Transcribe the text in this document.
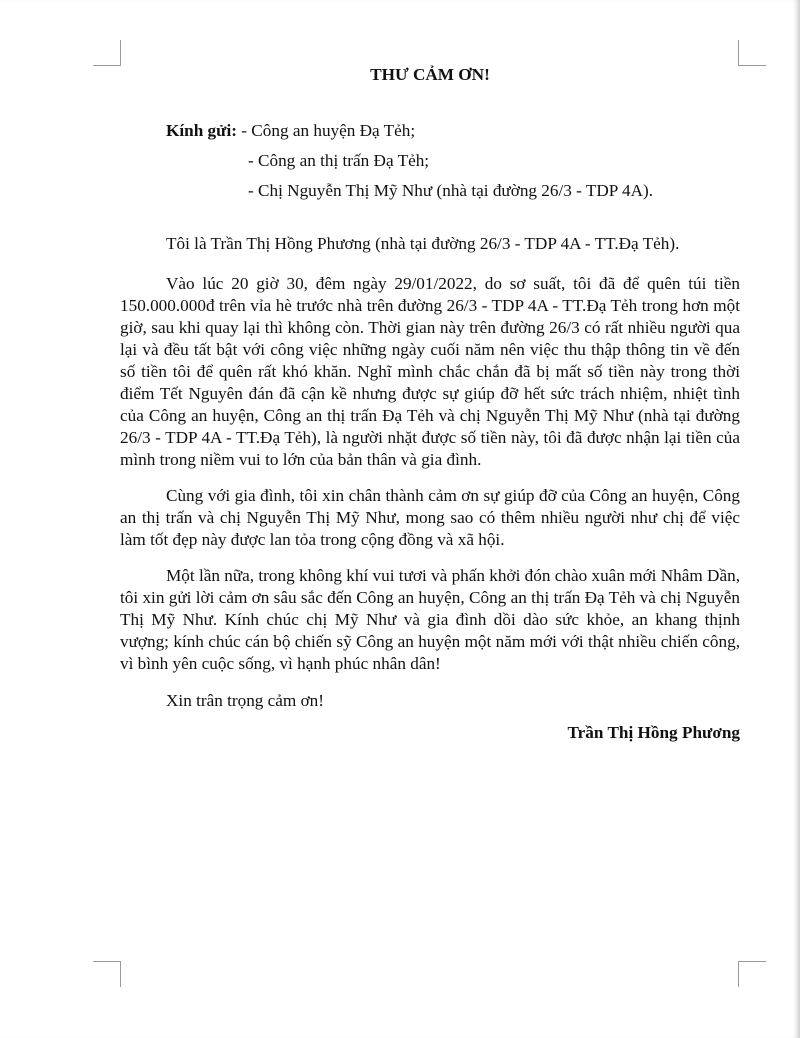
THƯ CẢM ƠN!
Kính gửi: - Công an huyện Đạ Tẻh;
- Công an thị trấn Đạ Tẻh;
- Chị Nguyễn Thị Mỹ Như (nhà tại đường 26/3 - TDP 4A).
Tôi là Trần Thị Hồng Phương (nhà tại đường 26/3 - TDP 4A - TT.Đạ Tẻh).

Vào lúc 20 giờ 30, đêm ngày 29/01/2022, do sơ suất, tôi đã để quên túi tiền 150.000.000đ trên vỉa hè trước nhà trên đường 26/3 - TDP 4A - TT.Đạ Tẻh trong hơn một giờ, sau khi quay lại thì không còn. Thời gian này trên đường 26/3 có rất nhiều người qua lại và đều tất bật với công việc những ngày cuối năm nên việc thu thập thông tin về đến số tiền tôi để quên rất khó khăn. Nghĩ mình chắc chắn đã bị mất số tiền này trong thời điểm Tết Nguyên đán đã cận kề nhưng được sự giúp đỡ hết sức trách nhiệm, nhiệt tình của Công an huyện, Công an thị trấn Đạ Tẻh và chị Nguyễn Thị Mỹ Như (nhà tại đường 26/3 - TDP 4A - TT.Đạ Tẻh), là người nhặt được số tiền này, tôi đã được nhận lại tiền của mình trong niềm vui to lớn của bản thân và gia đình.

Cùng với gia đình, tôi xin chân thành cảm ơn sự giúp đỡ của Công an huyện, Công an thị trấn và chị Nguyễn Thị Mỹ Như, mong sao có thêm nhiều người như chị để việc làm tốt đẹp này được lan tỏa trong cộng đồng và xã hội.

Một lần nữa, trong không khí vui tươi và phấn khởi đón chào xuân mới Nhâm Dần, tôi xin gửi lời cảm ơn sâu sắc đến Công an huyện, Công an thị trấn Đạ Tẻh và chị Nguyễn Thị Mỹ Như. Kính chúc chị Mỹ Như và gia đình dồi dào sức khỏe, an khang thịnh vượng; kính chúc cán bộ chiến sỹ Công an huyện một năm mới với thật nhiều chiến công, vì bình yên cuộc sống, vì hạnh phúc nhân dân!

Xin trân trọng cảm ơn!
Trần Thị Hồng Phương
